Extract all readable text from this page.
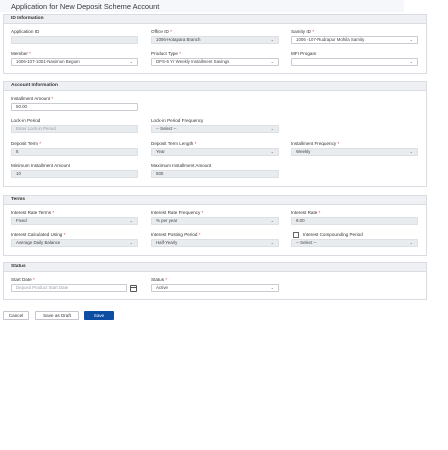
Application for New Deposit Scheme Account
ID Information
Application ID	Office ID *
1006-Hotapara Branch	⌄
Samity ID *
1006 -107-Rudrapur Mohila Samity	⌄
Member *
1006-107-1001-Nasimun Begum	⌄
Product Type *
DPS-5 Yr Weekly Installment Savings	⌄
MFI Progam
⌄
Account Information
Installment Amount *
50.00
Lock-in Period
Enter Lock-in Period
Lock-in Period Frequency
-- Select --	⌄
Deposit Term *
5
Deposit Term Length *
Year	⌄
Installment Frequency *
Weekly	⌄
Minimum Installment Amount
10
Maximum Installment Amount
500
Terms
Interest Rate Terms *
Fixed	⌄
Interest Rate Frequency *
% per year	⌄
Interest Rate *
9.00
Interest Calculated Using *
Average Daily Balance	⌄
Interest Posting Period *
Half-Yearly	⌄
Interest Compounding Period
-- Select --	⌄
Status
Start Date *
Deposit Product Start Date
Status *
Active	⌄
Cancel	Save as Draft	Save
